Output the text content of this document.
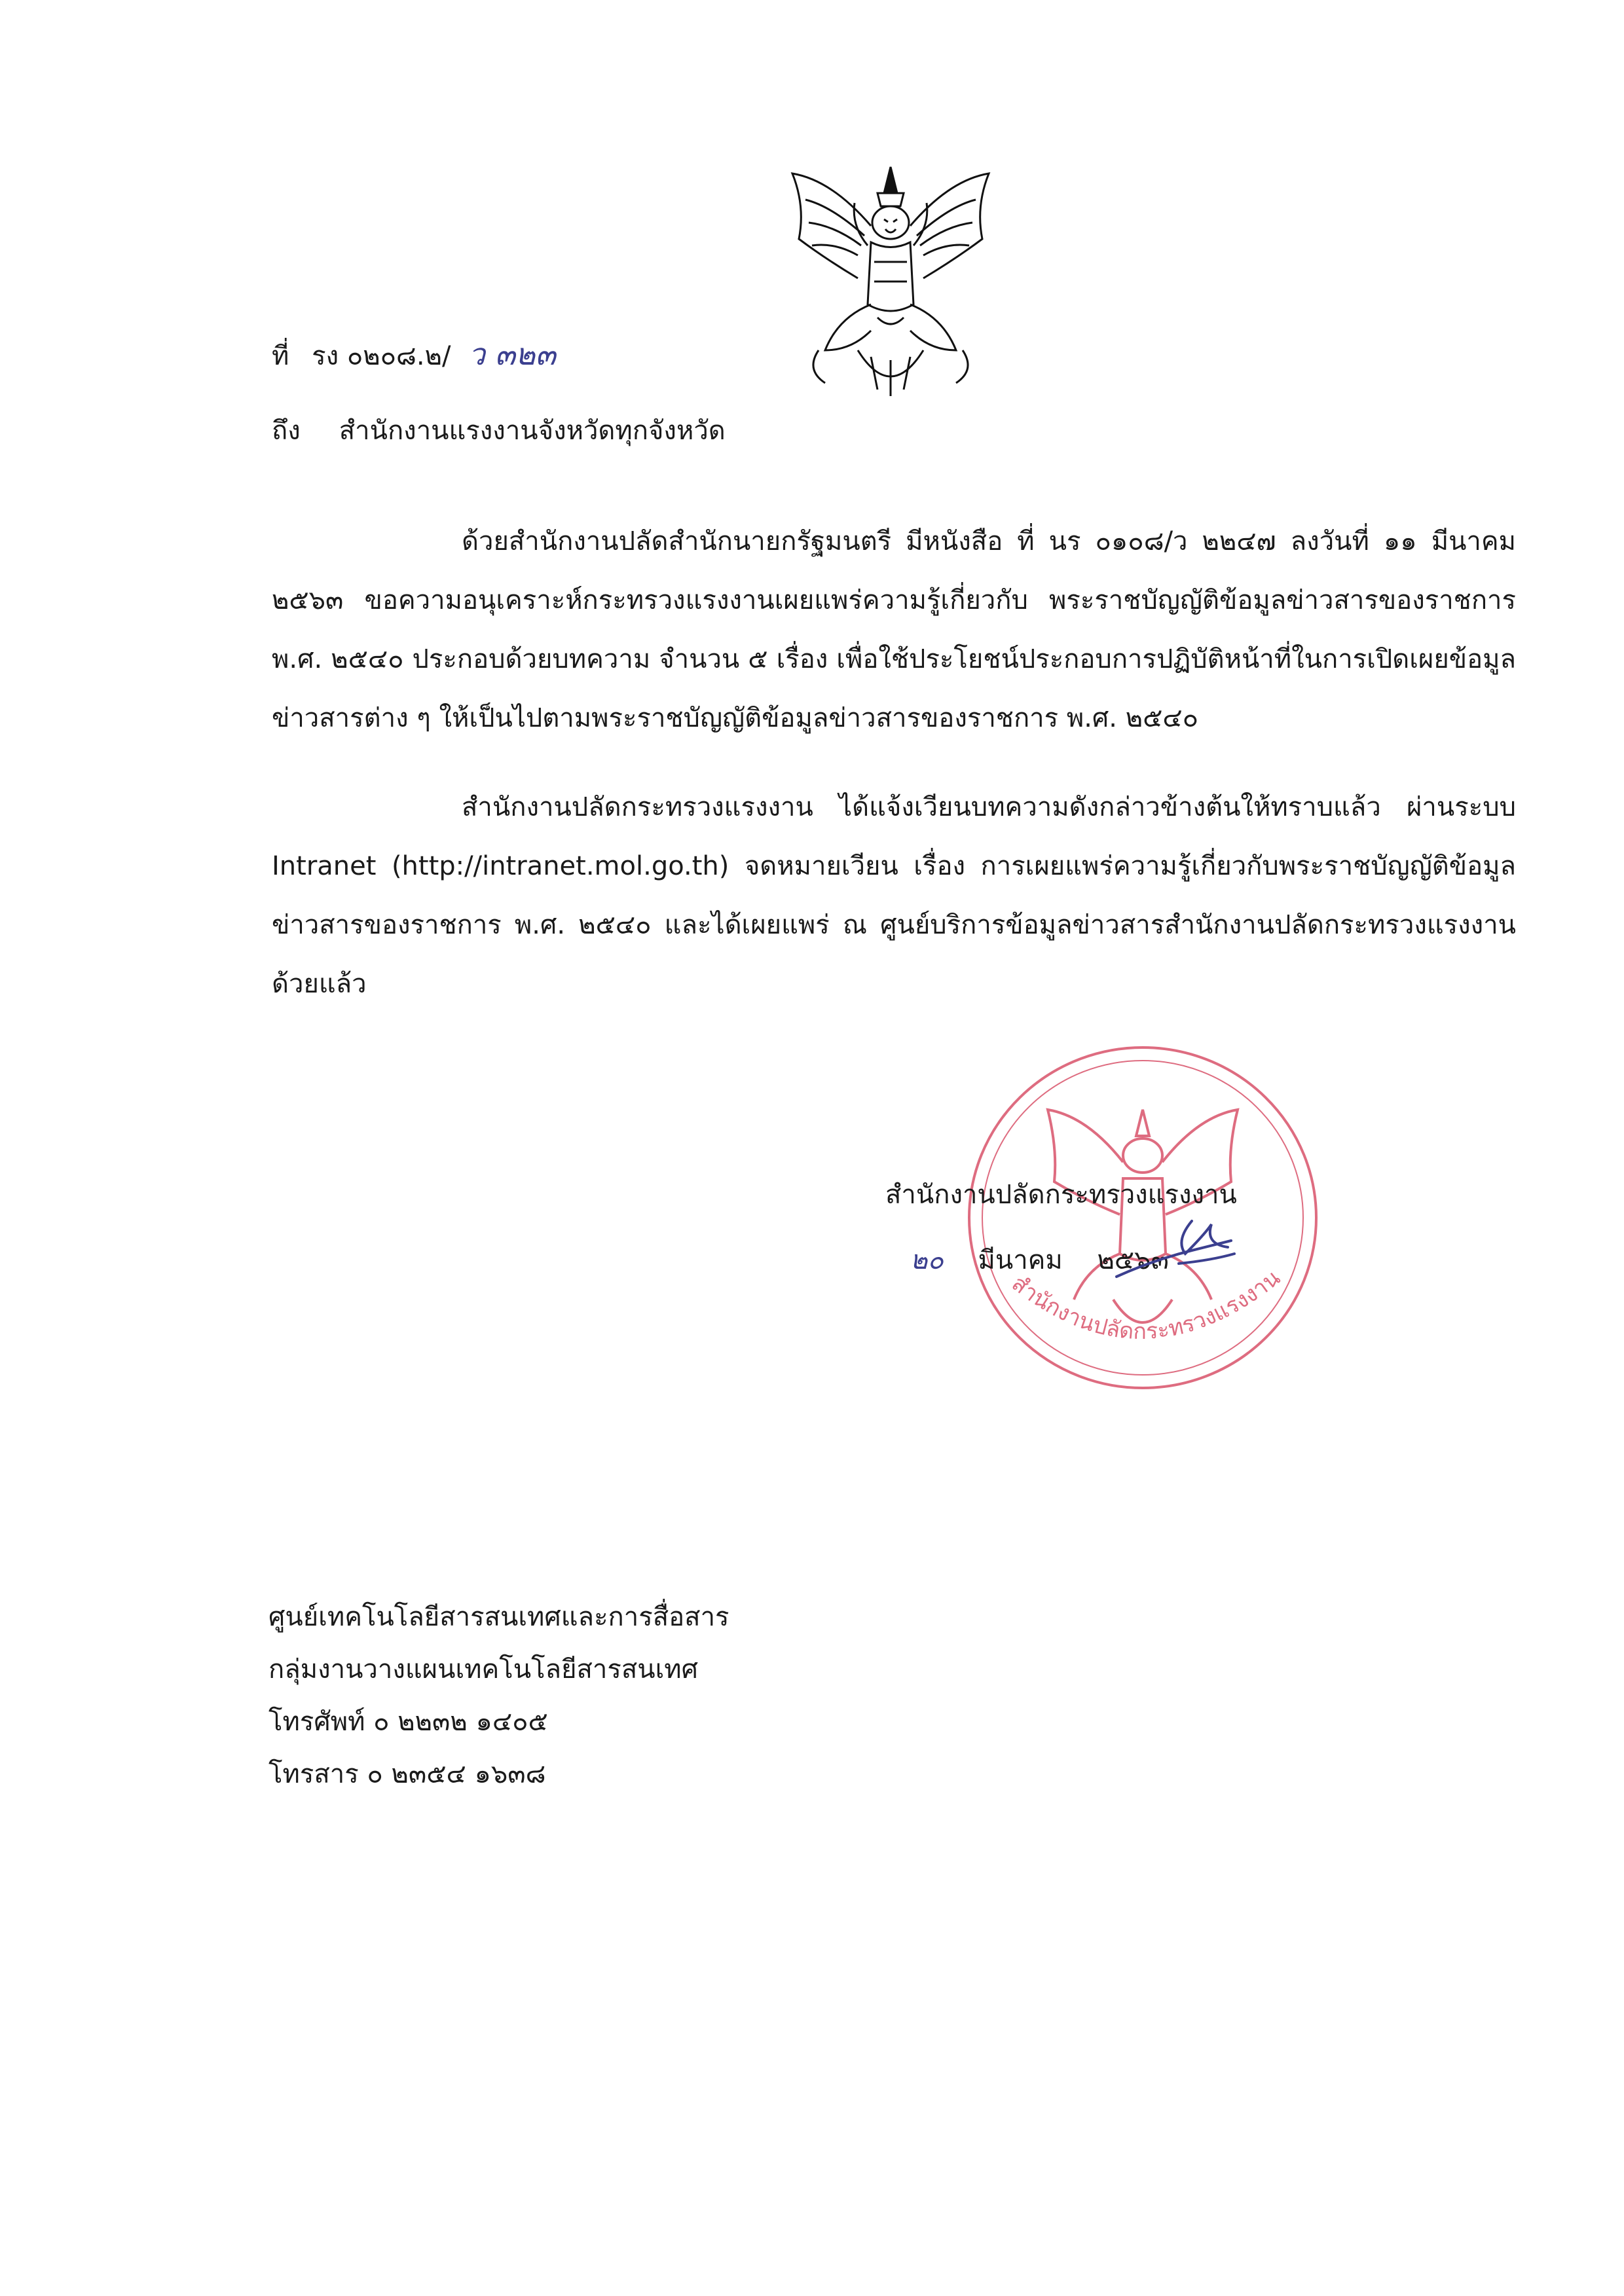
ที่ รง ๐๒๐๘.๒/ ว ๓๒๓
ถึง สำนักงานแรงงานจังหวัดทุกจังหวัด

ด้วยสำนักงานปลัดสำนักนายกรัฐมนตรี มีหนังสือ ที่ นร ๐๑๐๘/ว ๒๒๔๗ ลงวันที่ ๑๑ มีนาคม ๒๕๖๓ ขอความอนุเคราะห์กระทรวงแรงงานเผยแพร่ความรู้เกี่ยวกับ พระราชบัญญัติข้อมูลข่าวสารของราชการ พ.ศ. ๒๕๔๐ ประกอบด้วยบทความ จำนวน ๕ เรื่อง เพื่อใช้ประโยชน์ประกอบการปฏิบัติหน้าที่ในการเปิดเผยข้อมูลข่าวสารต่าง ๆ ให้เป็นไปตามพระราชบัญญัติข้อมูลข่าวสารของราชการ พ.ศ. ๒๕๔๐

สำนักงานปลัดกระทรวงแรงงาน ได้แจ้งเวียนบทความดังกล่าวข้างต้นให้ทราบแล้ว ผ่านระบบ Intranet (http://intranet.mol.go.th) จดหมายเวียน เรื่อง การเผยแพร่ความรู้เกี่ยวกับพระราชบัญญัติข้อมูลข่าวสารของราชการ พ.ศ. ๒๕๔๐ และได้เผยแพร่ ณ ศูนย์บริการข้อมูลข่าวสารสำนักงานปลัดกระทรวงแรงงานด้วยแล้ว

สำนักงานปลัดกระทรวงแรงงาน
สำนักงานปลัดกระทรวงแรงงาน
๒๐ มีนาคม ๒๕๖๓
ศูนย์เทคโนโลยีสารสนเทศและการสื่อสาร
กลุ่มงานวางแผนเทคโนโลยีสารสนเทศ
โทรศัพท์ ๐ ๒๒๓๒ ๑๔๐๕
โทรสาร ๐ ๒๓๕๔ ๑๖๓๘
